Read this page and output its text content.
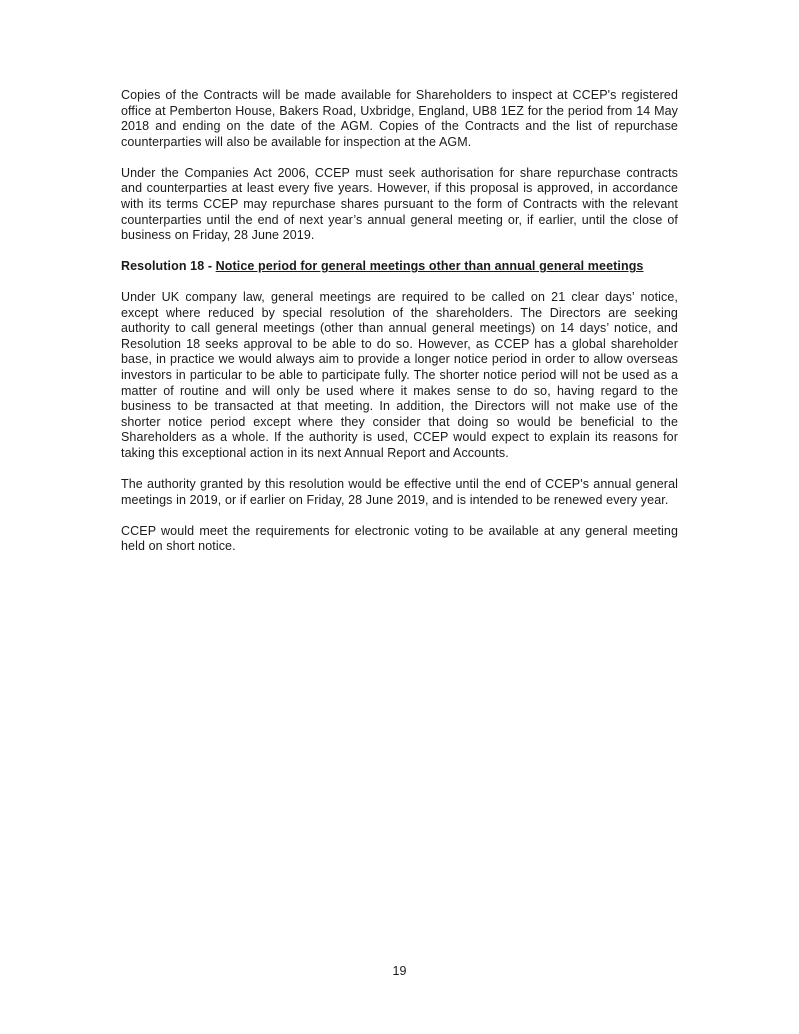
Copies of the Contracts will be made available for Shareholders to inspect at CCEP's registered office at Pemberton House, Bakers Road, Uxbridge, England, UB8 1EZ for the period from 14 May 2018 and ending on the date of the AGM. Copies of the Contracts and the list of repurchase counterparties will also be available for inspection at the AGM.

Under the Companies Act 2006, CCEP must seek authorisation for share repurchase contracts and counterparties at least every five years. However, if this proposal is approved, in accordance with its terms CCEP may repurchase shares pursuant to the form of Contracts with the relevant counterparties until the end of next year’s annual general meeting or, if earlier, until the close of business on Friday, 28 June 2019.

Resolution 18 - Notice period for general meetings other than annual general meetings

Under UK company law, general meetings are required to be called on 21 clear days’ notice, except where reduced by special resolution of the shareholders. The Directors are seeking authority to call general meetings (other than annual general meetings) on 14 days’ notice, and Resolution 18 seeks approval to be able to do so. However, as CCEP has a global shareholder base, in practice we would always aim to provide a longer notice period in order to allow overseas investors in particular to be able to participate fully. The shorter notice period will not be used as a matter of routine and will only be used where it makes sense to do so, having regard to the business to be transacted at that meeting. In addition, the Directors will not make use of the shorter notice period except where they consider that doing so would be beneficial to the Shareholders as a whole. If the authority is used, CCEP would expect to explain its reasons for taking this exceptional action in its next Annual Report and Accounts.

The authority granted by this resolution would be effective until the end of CCEP's annual general meetings in 2019, or if earlier on Friday, 28 June 2019, and is intended to be renewed every year.

CCEP would meet the requirements for electronic voting to be available at any general meeting held on short notice.

19
